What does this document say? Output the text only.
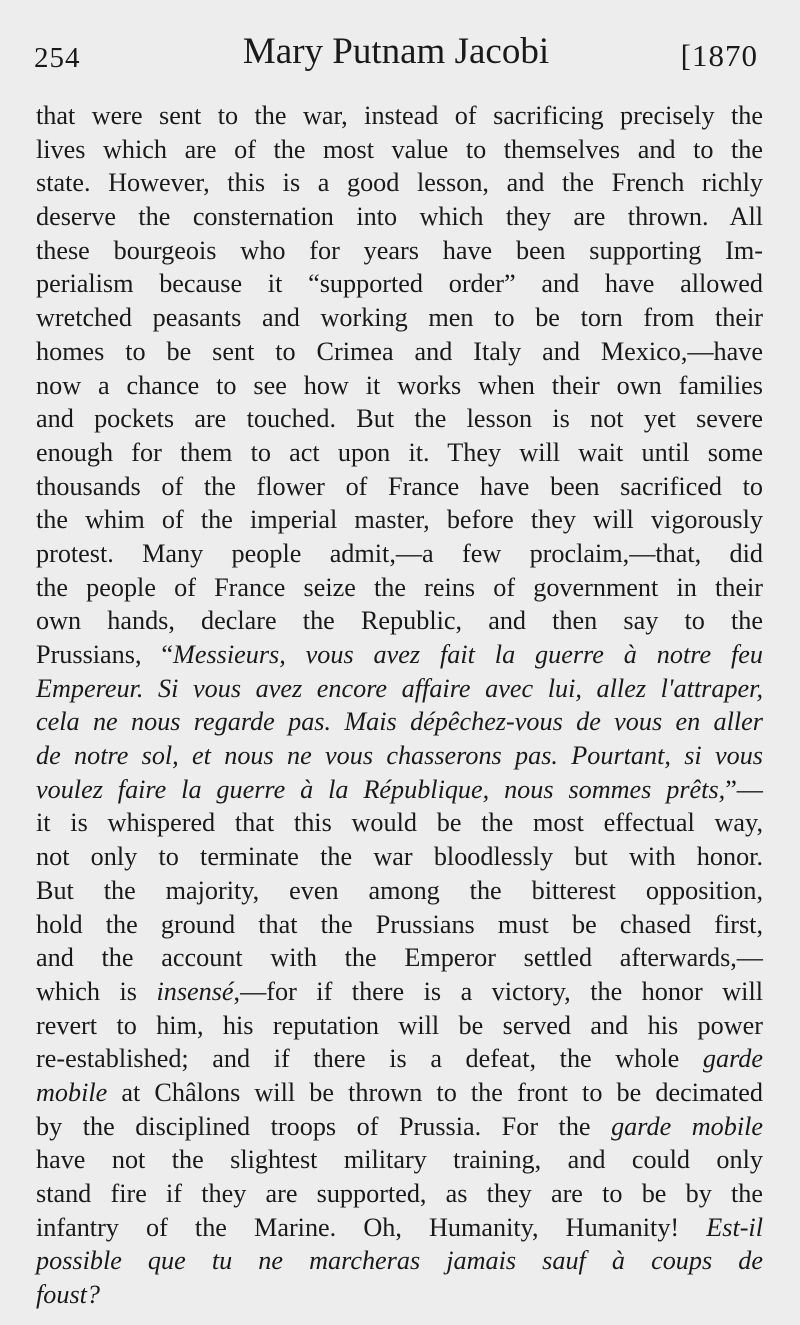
254	Mary Putnam Jacobi	[1870
that were sent to the war, instead of sacrificing precisely the
lives which are of the most value to themselves and to the
state. However, this is a good lesson, and the French richly
deserve the consternation into which they are thrown. All
these bourgeois who for years have been supporting Im-
perialism because it “supported order” and have allowed
wretched peasants and working men to be torn from their
homes to be sent to Crimea and Italy and Mexico,—have
now a chance to see how it works when their own families
and pockets are touched. But the lesson is not yet severe
enough for them to act upon it. They will wait until some
thousands of the flower of France have been sacrificed to
the whim of the imperial master, before they will vigorously
protest. Many people admit,—a few proclaim,—that, did
the people of France seize the reins of government in their
own hands, declare the Republic, and then say to the
Prussians, “Messieurs, vous avez fait la guerre à notre feu
Empereur. Si vous avez encore affaire avec lui, allez l'attraper,
cela ne nous regarde pas. Mais dépêchez-vous de vous en aller
de notre sol, et nous ne vous chasserons pas. Pourtant, si vous
voulez faire la guerre à la République, nous sommes prêts,”—
it is whispered that this would be the most effectual way,
not only to terminate the war bloodlessly but with honor.
But the majority, even among the bitterest opposition,
hold the ground that the Prussians must be chased first,
and the account with the Emperor settled afterwards,—
which is insensé,—for if there is a victory, the honor will
revert to him, his reputation will be served and his power
re-established; and if there is a defeat, the whole garde
mobile at Châlons will be thrown to the front to be decimated
by the disciplined troops of Prussia. For the garde mobile
have not the slightest military training, and could only
stand fire if they are supported, as they are to be by the
infantry of the Marine. Oh, Humanity, Humanity! Est-il
possible que tu ne marcheras jamais sauf à coups de
foust?
